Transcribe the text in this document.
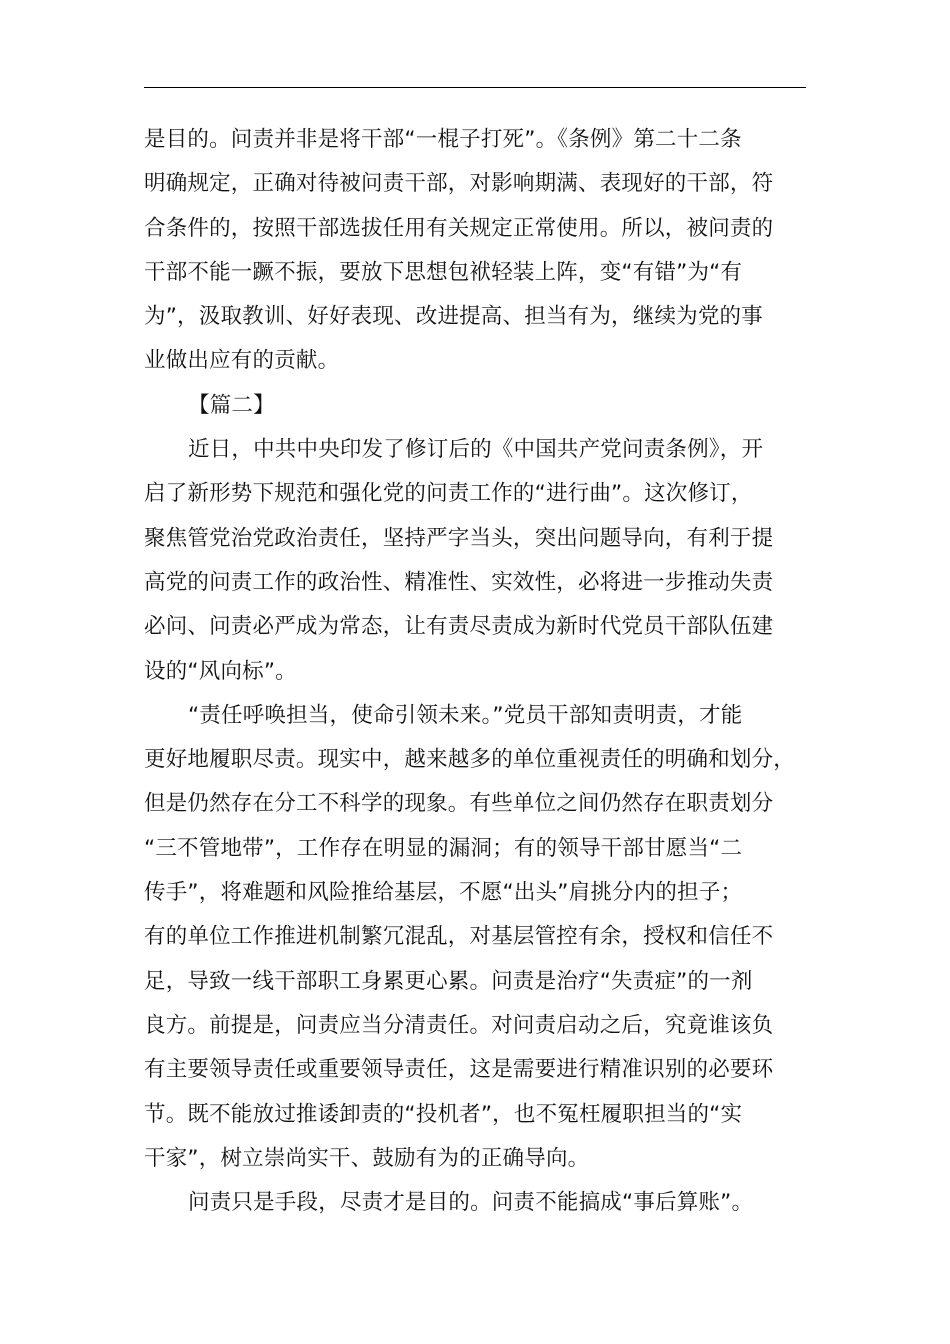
是目的。问责并非是将干部“一棍子打死”。《条例》第二十二条
明确规定，正确对待被问责干部，对影响期满、表现好的干部，符
合条件的，按照干部选拔任用有关规定正常使用。所以，被问责的
干部不能一蹶不振，要放下思想包袱轻装上阵，变“有错”为“有
为”，汲取教训、好好表现、改进提高、担当有为，继续为党的事
业做出应有的贡献。
【篇二】
近日，中共中央印发了修订后的《中国共产党问责条例》，开
启了新形势下规范和强化党的问责工作的“进行曲”。这次修订，
聚焦管党治党政治责任，坚持严字当头，突出问题导向，有利于提
高党的问责工作的政治性、精准性、实效性，必将进一步推动失责
必问、问责必严成为常态，让有责尽责成为新时代党员干部队伍建
设的“风向标”。
“责任呼唤担当，使命引领未来。”党员干部知责明责，才能
更好地履职尽责。现实中，越来越多的单位重视责任的明确和划分，
但是仍然存在分工不科学的现象。有些单位之间仍然存在职责划分
“三不管地带”，工作存在明显的漏洞；有的领导干部甘愿当“二
传手”，将难题和风险推给基层，不愿“出头”肩挑分内的担子；
有的单位工作推进机制繁冗混乱，对基层管控有余，授权和信任不
足，导致一线干部职工身累更心累。问责是治疗“失责症”的一剂
良方。前提是，问责应当分清责任。对问责启动之后，究竟谁该负
有主要领导责任或重要领导责任，这是需要进行精准识别的必要环
节。既不能放过推诿卸责的“投机者”，也不冤枉履职担当的“实
干家”，树立崇尚实干、鼓励有为的正确导向。
问责只是手段，尽责才是目的。问责不能搞成“事后算账”。
